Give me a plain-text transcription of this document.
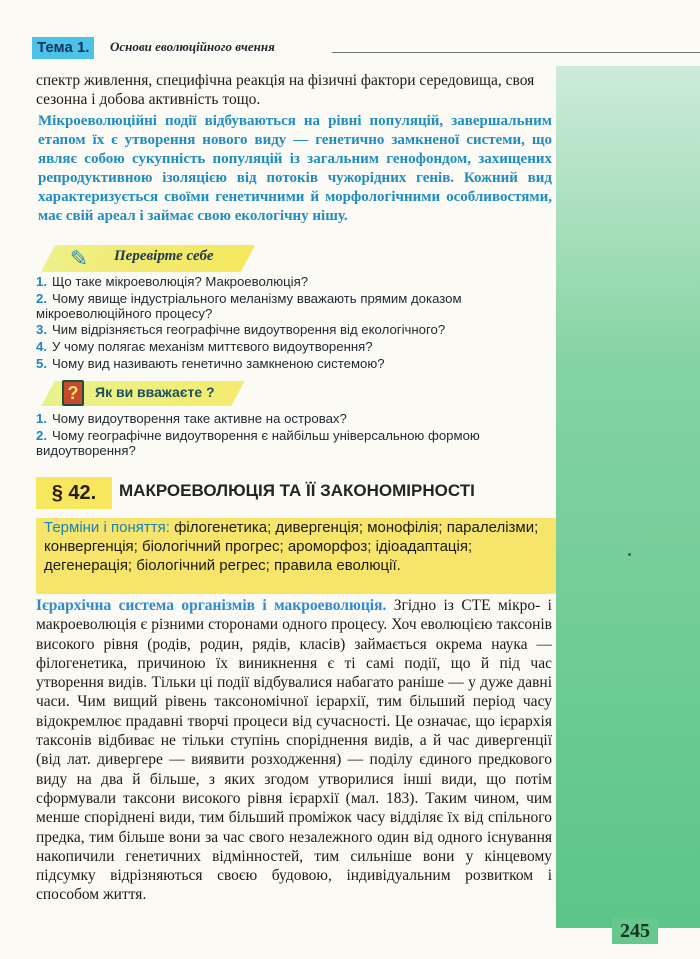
Тема 1.	Основи еволюційного вчення
спектр живлення, специфічна реакція на фізичні фактори середовища, своя сезонна і добова активність тощо.
Мікроеволюційні події відбуваються на рівні популяцій, завершальним етапом їх є утворення нового виду — генетично замкненої системи, що являє собою сукупність популяцій із загальним генофондом, захищених репродуктивною ізоляцією від потоків чужорідних генів. Кожний вид характеризується своїми генетичними й морфологічними особливостями, має свій ареал і займає свою екологічну нішу.
✎	Перевірте себе
1. Що таке мікроеволюція? Макроеволюція?
2. Чому явище індустріального меланізму вважають прямим доказом мікроеволюційного процесу?
3. Чим відрізняється географічне видоутворення від екологічного?
4. У чому полягає механізм миттєвого видоутворення?
5. Чому вид називають генетично замкненою системою?
?	Як ви вважаєте ?
1. Чому видоутворення таке активне на островах?
2. Чому географічне видоутворення є найбільш універсальною формою видоутворення?
§ 42.	МАКРОЕВОЛЮЦІЯ ТА ЇЇ ЗАКОНОМІРНОСТІ
Терміни і поняття: філогенетика; дивергенція; монофілія; паралелізми; конвергенція; біологічний прогрес; ароморфоз; ідіоадаптація; дегенерація; біологічний регрес; правила еволюції.
Ієрархічна система організмів і макроеволюція. Згідно із СТЕ мікро- і макроеволюція є різними сторонами одного процесу. Хоч еволюцією таксонів високого рівня (родів, родин, рядів, класів) займається окрема наука — філогенетика, причиною їх виникнення є ті самі події, що й під час утворення видів. Тільки ці події відбувалися набагато раніше — у дуже давні часи. Чим вищий рівень таксономічної ієрархії, тим більший період часу відокремлює прадавні творчі процеси від сучасності. Це означає, що ієрархія таксонів відбиває не тільки ступінь споріднення видів, а й час дивергенції (від лат. дивергере — виявити розходження) — поділу єдиного предкового виду на два й більше, з яких згодом утворилися інші види, що потім сформували таксони високого рівня ієрархії (мал. 183). Таким чином, чим менше споріднені види, тим більший проміжок часу відділяє їх від спільного предка, тим більше вони за час свого незалежного один від одного існування накопичили генетичних відмінностей, тим сильніше вони у кінцевому підсумку відрізняються своєю будовою, індивідуальним розвитком і способом життя.
245
